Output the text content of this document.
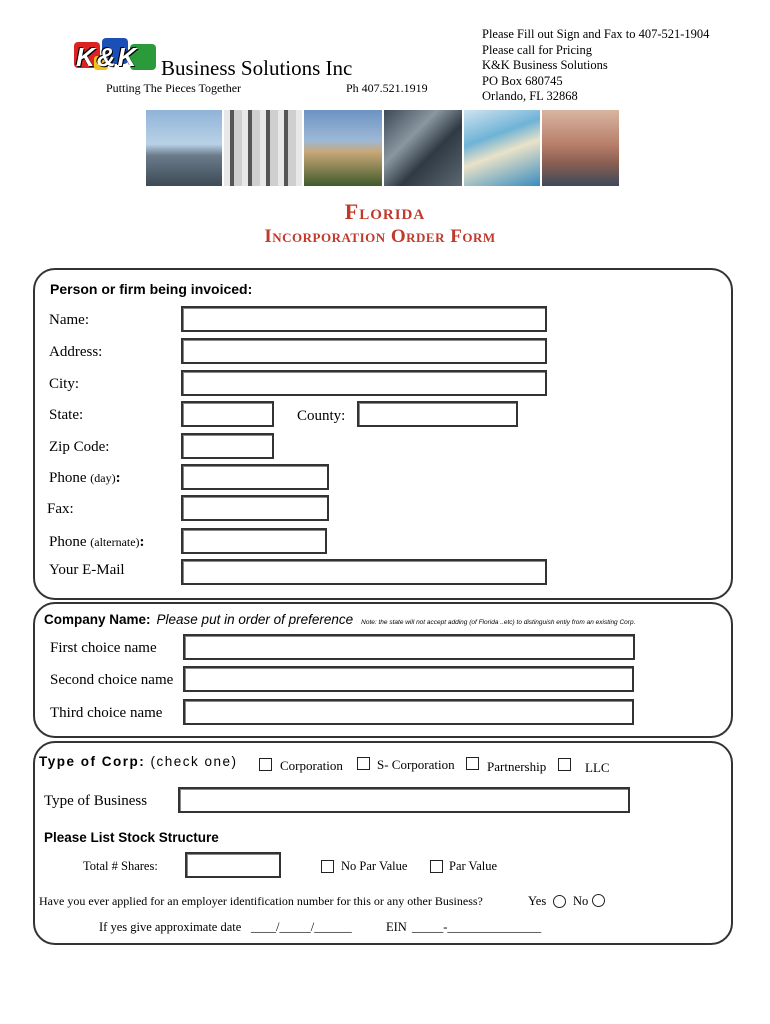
K&K Business Solutions Inc
Putting The Pieces Together	Ph 407.521.1919
Please Fill out Sign and Fax to 407-521-1904
Please call for Pricing
K&K Business Solutions
PO Box 680745
Orlando, FL 32868
Florida
Incorporation Order Form
Person or firm being invoiced:
Name:
Address:
City:
State:	County:
Zip Code:
Phone (day):
Fax:
Phone (alternate):
Your E-Mail
Company Name: Please put in order of preference Note: the state will not accept adding (of Florida ..etc) to distinguish entiy from an existing Corp.
First choice name
Second choice name
Third choice name
Type of Corp: (check one)	Corporation	S- Corporation Partnership	LLC
Type of Business
Please List Stock Structure
Total # Shares:	No Par Value	Par Value
Have you ever applied for an employer identification number for this or any other Business?	Yes No
If yes give approximate date ____/_____/______	EIN _____-_______________
